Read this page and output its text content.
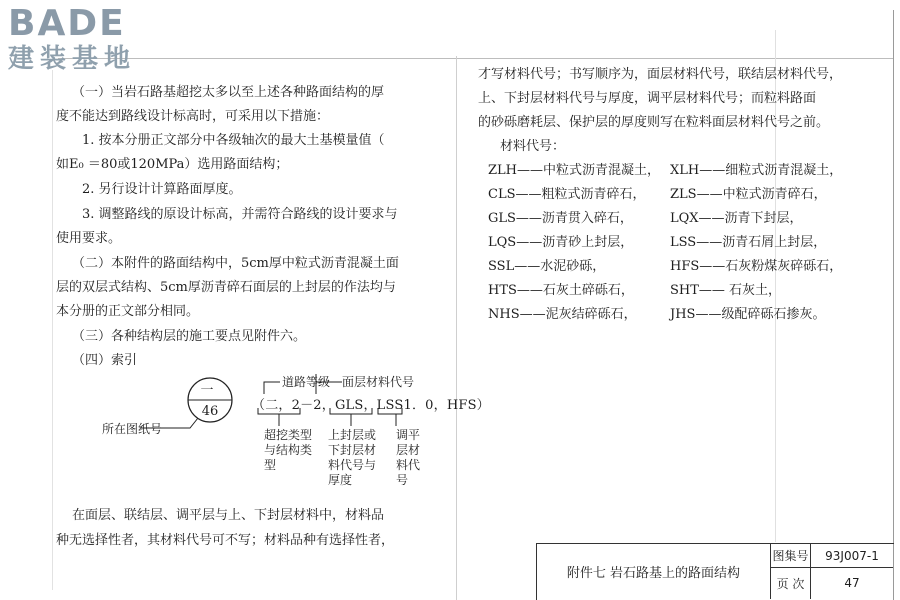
BADE
建装基地
（一）当岩石路基超挖太多以至上述各种路面结构的厚
度不能达到路线设计标高时，可采用以下措施：
1. 按本分册正文部分中各级轴次的最大土基模量值（
如E₀ ＝80或120MPa）选用路面结构；
2. 另行设计计算路面厚度。
3. 调整路线的原设计标高，并需符合路线的设计要求与
使用要求。
（二）本附件的路面结构中，5cm厚中粒式沥青混凝土面
层的双层式结构、5cm厚沥青碎石面层的上封层的作法均与
本分册的正文部分相同。
（三）各种结构层的施工要点见附件六。
（四）索引
一
46	（二，2－2，GLS，LSS1．0，HFS）
道路等级 面层材料代号
所在图纸号	超挖类型与结构类型
上封层或下封层材料代号与厚度
调平层材料代号
在面层、联结层、调平层与上、下封层材料中，材料品
种无选择性者，其材料代号可不写；材料品种有选择性者，
才写材料代号；书写顺序为，面层材料代号，联结层材料代号，
上、下封层材料代号与厚度，调平层材料代号；而粒料路面
的砂砾磨耗层、保护层的厚度则写在粒料面层材料代号之前。
材料代号：
ZLH——中粒式沥青混凝土， XLH——细粒式沥青混凝土，
CLS——粗粒式沥青碎石， ZLS——中粒式沥青碎石，
GLS——沥青贯入碎石，	LQX——沥青下封层，
LQS——沥青砂上封层，	LSS——沥青石屑上封层，
SSL——水泥砂砾，	HFS——石灰粉煤灰碎砾石，
HTS——石灰土碎砾石，	SHT—— 石灰土，
NHS——泥灰结碎砾石，	JHS——级配碎砾石掺灰。
附件七 岩石路基上的路面结构
图集号	93J007-1
页 次	47
